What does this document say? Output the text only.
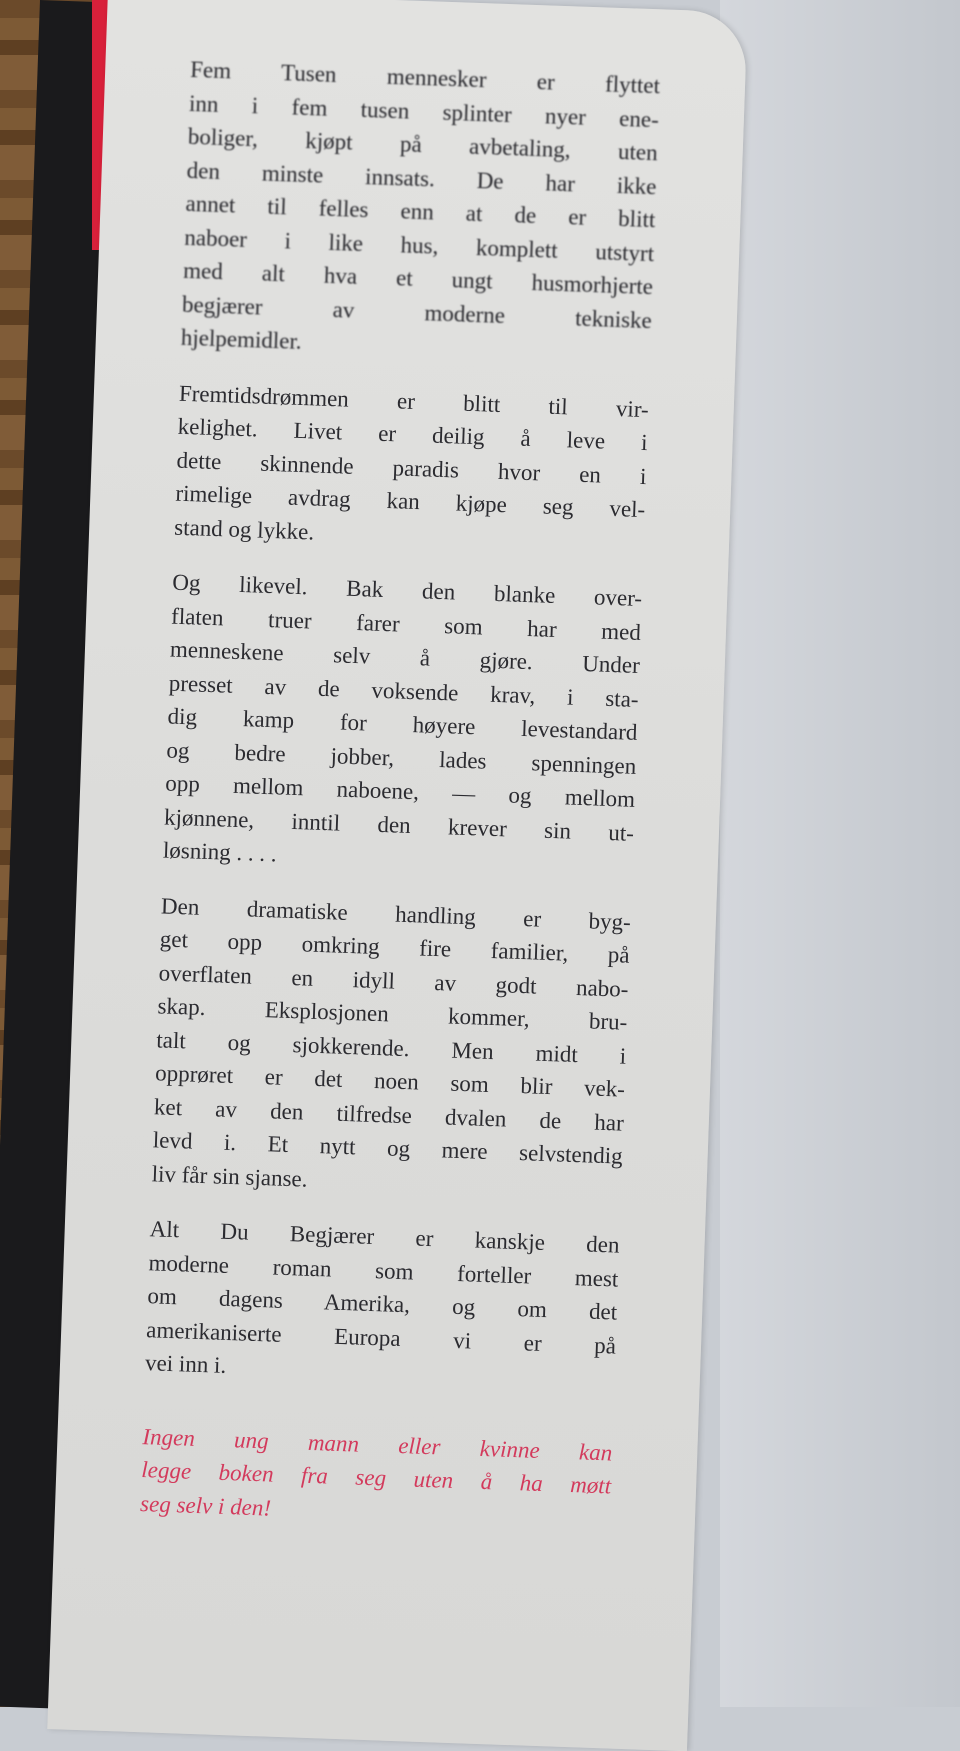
Fem Tusen mennesker er flyttet
inn i fem tusen splinter nyer ene-
boliger, kjøpt på avbetaling, uten
den minste innsats. De har ikke
annet til felles enn at de er blitt
naboer i like hus, komplett utstyrt
med alt hva et ungt husmorhjerte
begjærer av moderne tekniske
hjelpemidler.

Fremtidsdrømmen er blitt til vir-
kelighet. Livet er deilig å leve i
dette skinnende paradis hvor en i
rimelige avdrag kan kjøpe seg vel-
stand og lykke.

Og likevel. Bak den blanke over-
flaten truer farer som har med
menneskene selv å gjøre. Under
presset av de voksende krav, i sta-
dig kamp for høyere levestandard
og bedre jobber, lades spenningen
opp mellom naboene, — og mellom
kjønnene, inntil den krever sin ut-
løsning . . . .

Den dramatiske handling er byg-
get opp omkring fire familier, på
overflaten en idyll av godt nabo-
skap. Eksplosjonen kommer, bru-
talt og sjokkerende. Men midt i
opprøret er det noen som blir vek-
ket av den tilfredse dvalen de har
levd i. Et nytt og mere selvstendig
liv får sin sjanse.

Alt Du Begjærer er kanskje den
moderne roman som forteller mest
om dagens Amerika, og om det
amerikaniserte Europa vi er på
vei inn i.

Ingen ung mann eller kvinne kan
legge boken fra seg uten å ha møtt
seg selv i den!
